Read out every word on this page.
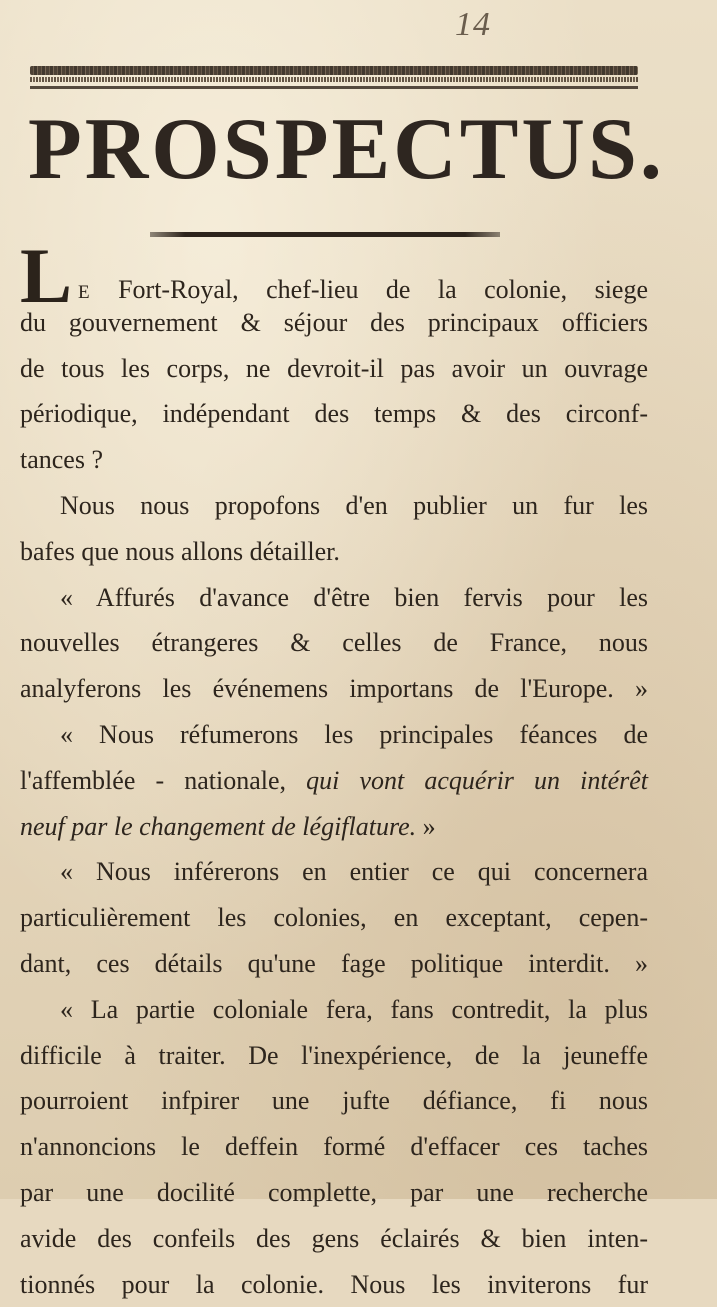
14
PROSPECTUS.
L E Fort-Royal, chef-lieu de la colonie, siege
du gouvernement & séjour des principaux officiers
de tous les corps, ne devroit-il pas avoir un ouvrage
périodique, indépendant des temps & des circonf-
tances ?
Nous nous propofons d'en publier un fur les
bafes que nous allons détailler.
« Affurés d'avance d'être bien fervis pour les
nouvelles étrangeres & celles de France, nous
analyferons les événemens importans de l'Europe. »
« Nous réfumerons les principales féances de
l'affemblée - nationale, qui vont acquérir un intérêt
neuf par le changement de légiflature. »
« Nous inférerons en entier ce qui concernera
particulièrement les colonies, en exceptant, cepen-
dant, ces détails qu'une fage politique interdit. »
« La partie coloniale fera, fans contredit, la plus
difficile à traiter. De l'inexpérience, de la jeuneffe
pourroient infpirer une jufte défiance, fi nous
n'annoncions le deffein formé d'effacer ces taches
par une docilité complette, par une recherche
avide des confeils des gens éclairés & bien inten-
tionnés pour la colonie. Nous les inviterons fur
